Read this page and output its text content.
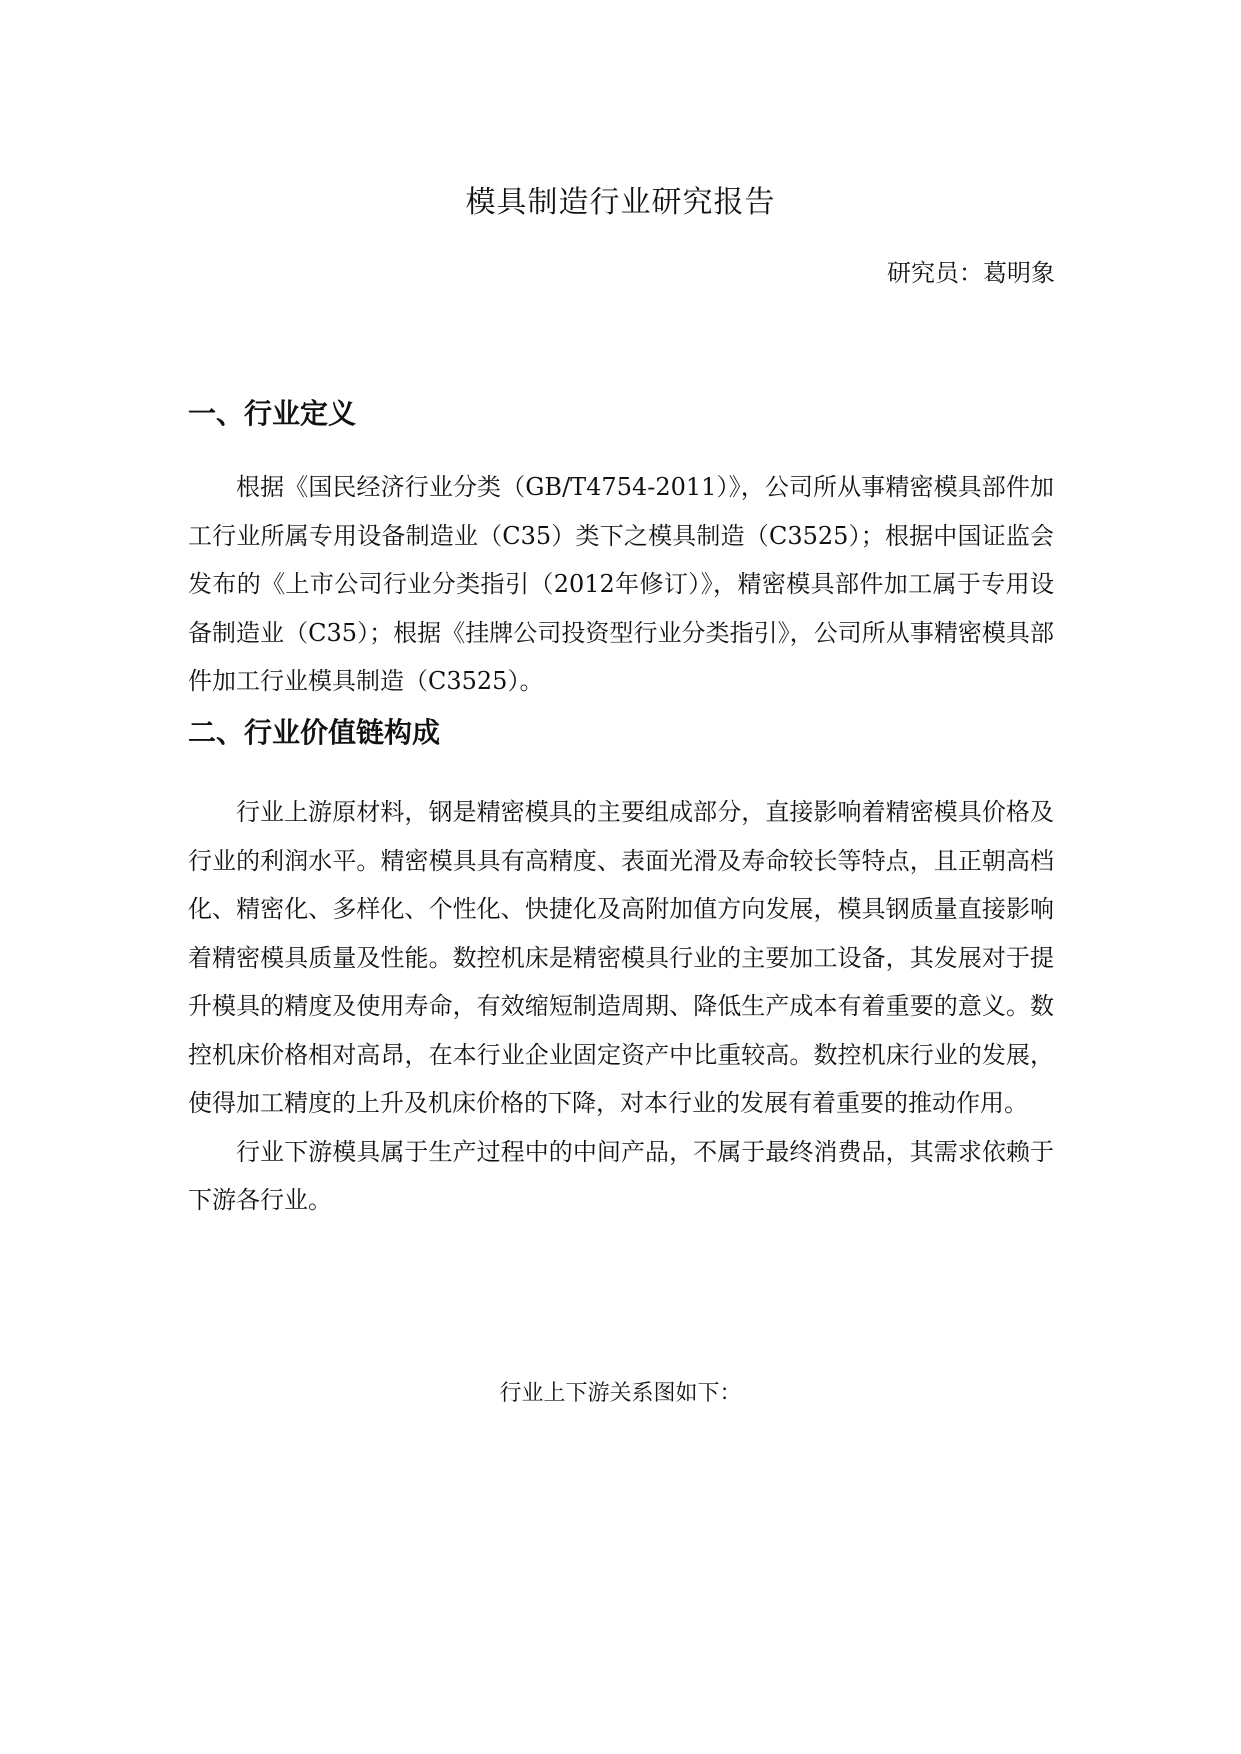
模具制造行业研究报告

研究员：葛明象

一、行业定义

根据《国民经济行业分类（GB/T4754-2011）》，公司所从事精密模具部件加工行业所属专用设备制造业（C35）类下之模具制造（C3525）；根据中国证监会发布的《上市公司行业分类指引（2012年修订）》，精密模具部件加工属于专用设备制造业（C35）；根据《挂牌公司投资型行业分类指引》，公司所从事精密模具部件加工行业模具制造（C3525）。

二、行业价值链构成

行业上游原材料，钢是精密模具的主要组成部分，直接影响着精密模具价格及行业的利润水平。精密模具具有高精度、表面光滑及寿命较长等特点，且正朝高档化、精密化、多样化、个性化、快捷化及高附加值方向发展，模具钢质量直接影响着精密模具质量及性能。数控机床是精密模具行业的主要加工设备，其发展对于提升模具的精度及使用寿命，有效缩短制造周期、降低生产成本有着重要的意义。数控机床价格相对高昂，在本行业企业固定资产中比重较高。数控机床行业的发展，使得加工精度的上升及机床价格的下降，对本行业的发展有着重要的推动作用。

行业下游模具属于生产过程中的中间产品，不属于最终消费品，其需求依赖于下游各行业。

行业上下游关系图如下：
